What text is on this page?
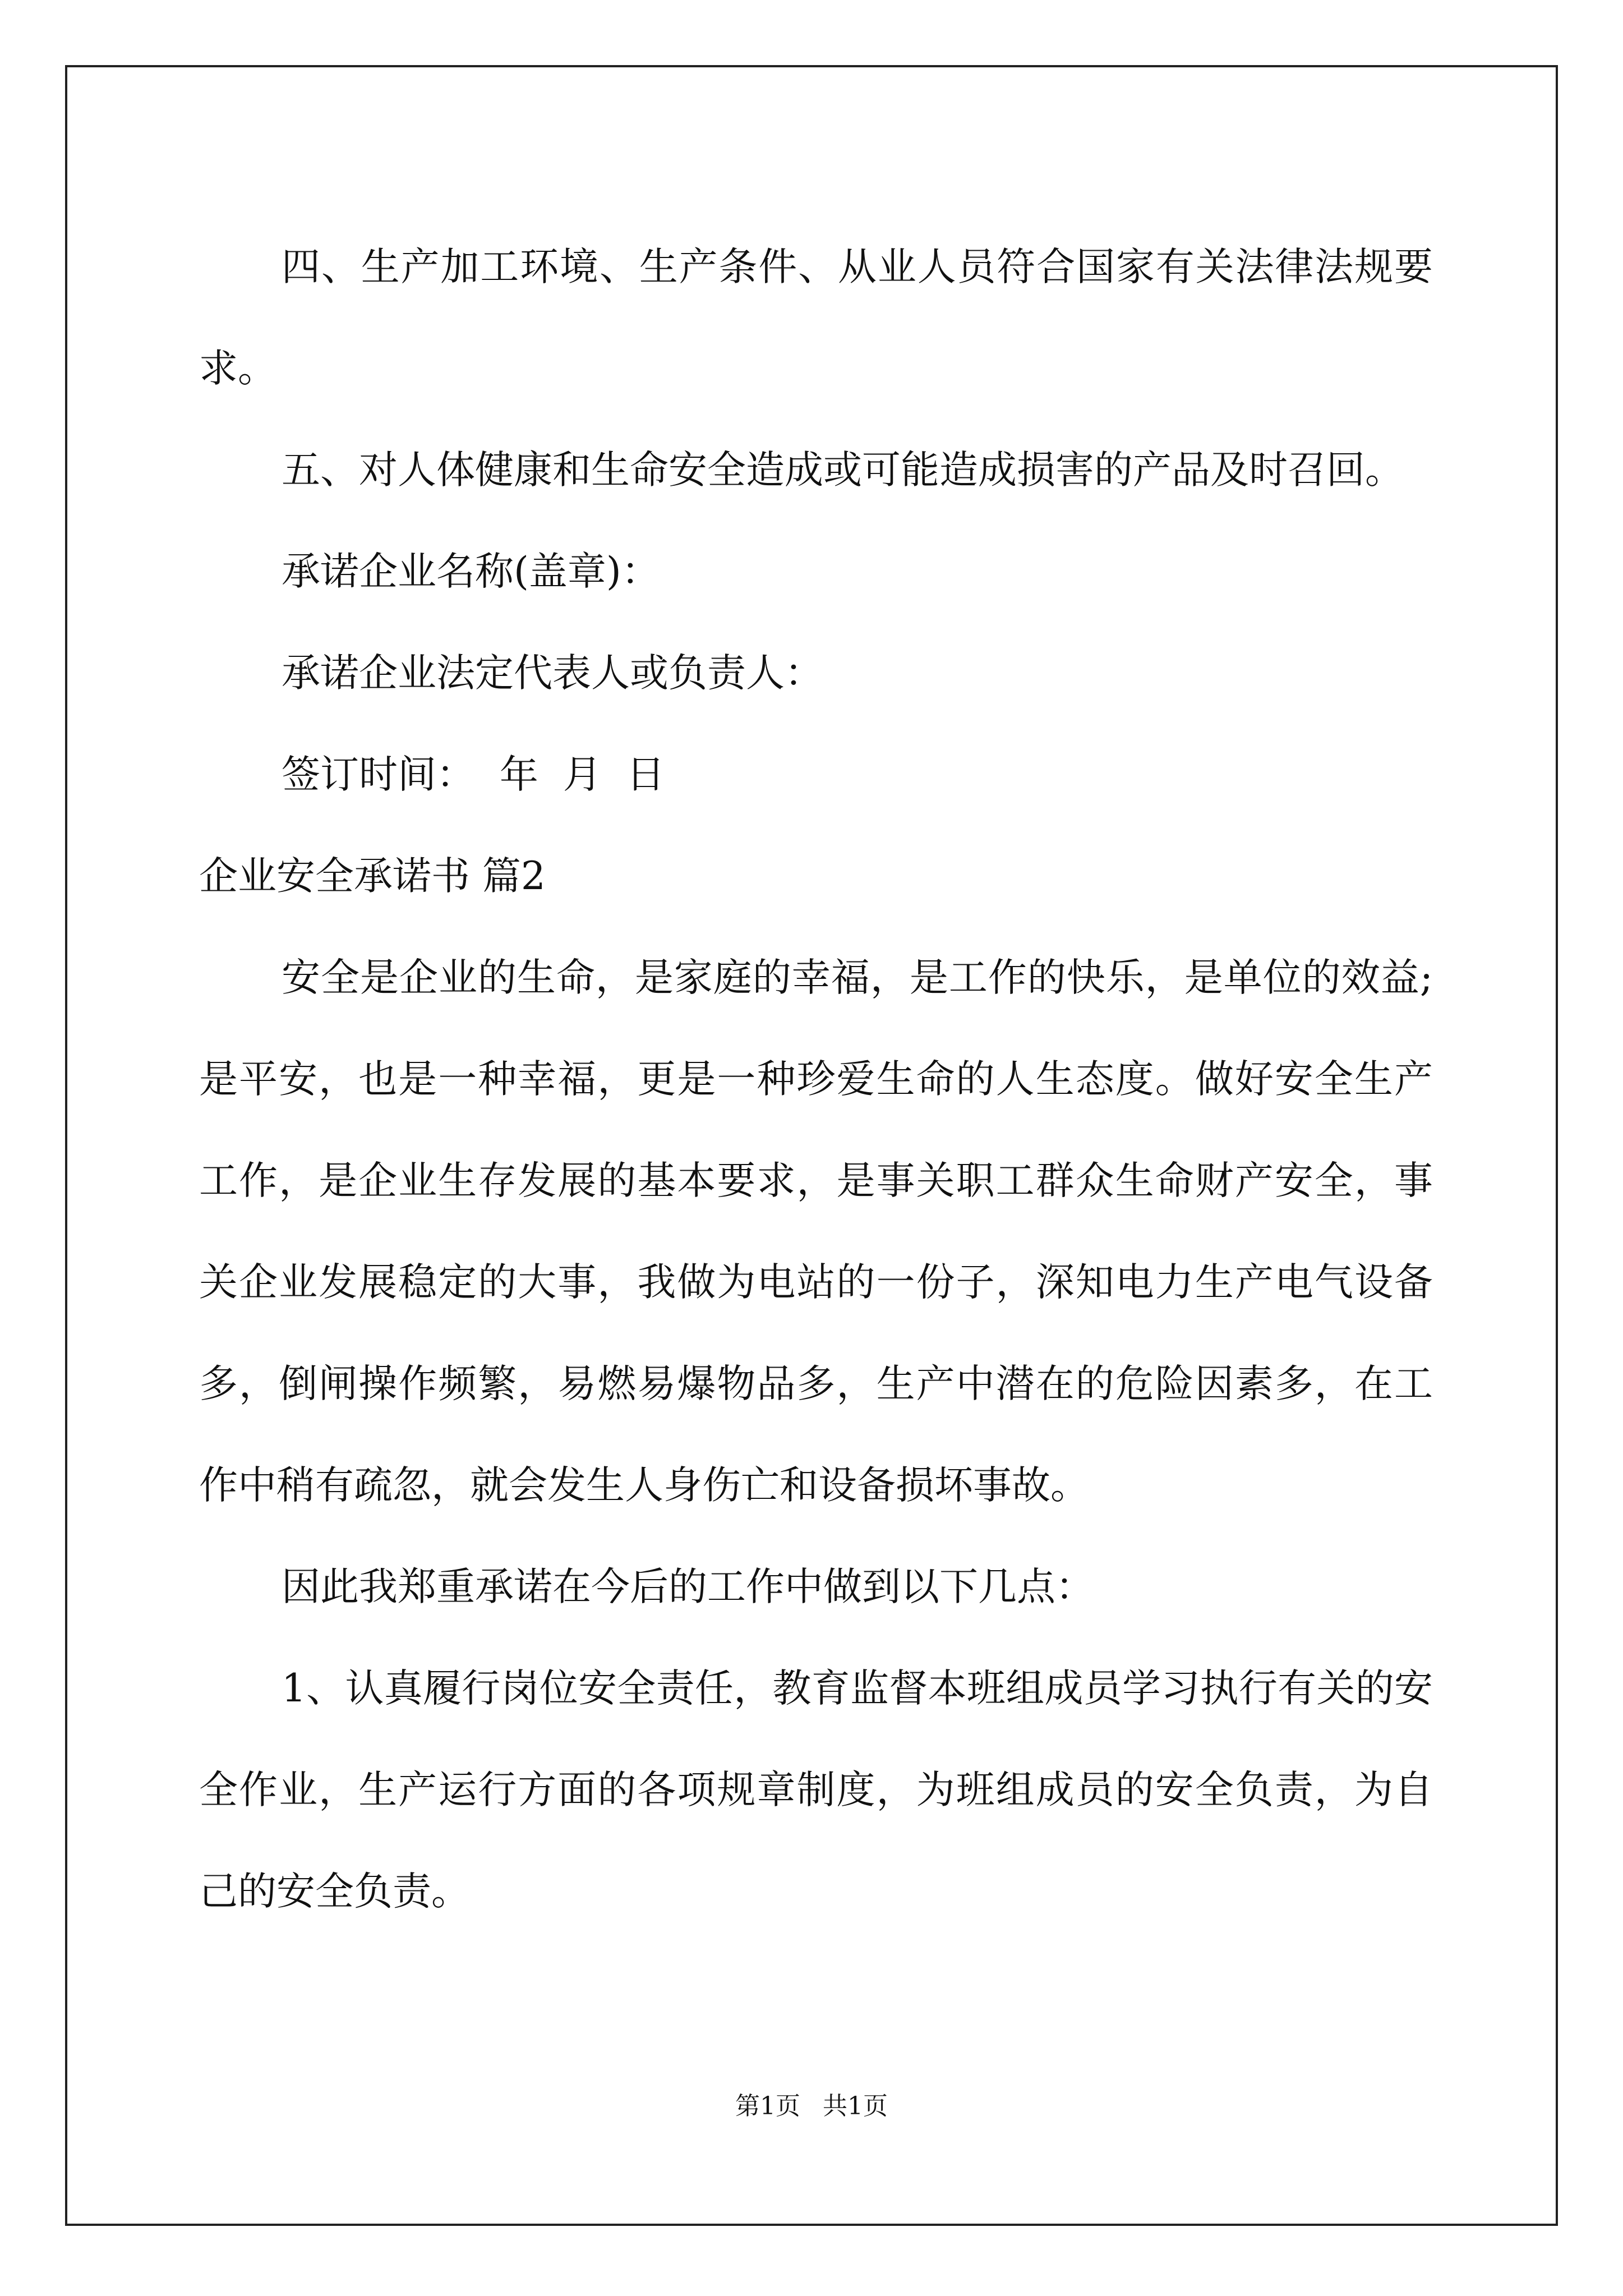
四、生产加工环境、生产条件、从业人员符合国家有关法律法规要求。

五、对人体健康和生命安全造成或可能造成损害的产品及时召回。

承诺企业名称(盖章)：

承诺企业法定代表人或负责人：

签订时间：  年  月  日

企业安全承诺书 篇2

安全是企业的生命，是家庭的幸福，是工作的快乐，是单位的效益;是平安，也是一种幸福，更是一种珍爱生命的人生态度。做好安全生产工作，是企业生存发展的基本要求，是事关职工群众生命财产安全，事关企业发展稳定的大事，我做为电站的一份子，深知电力生产电气设备多，倒闸操作频繁，易燃易爆物品多，生产中潜在的危险因素多，在工作中稍有疏忽，就会发生人身伤亡和设备损坏事故。

因此我郑重承诺在今后的工作中做到以下几点：

1、认真履行岗位安全责任，教育监督本班组成员学习执行有关的安全作业，生产运行方面的各项规章制度，为班组成员的安全负责，为自己的安全负责。

第1页 共1页
